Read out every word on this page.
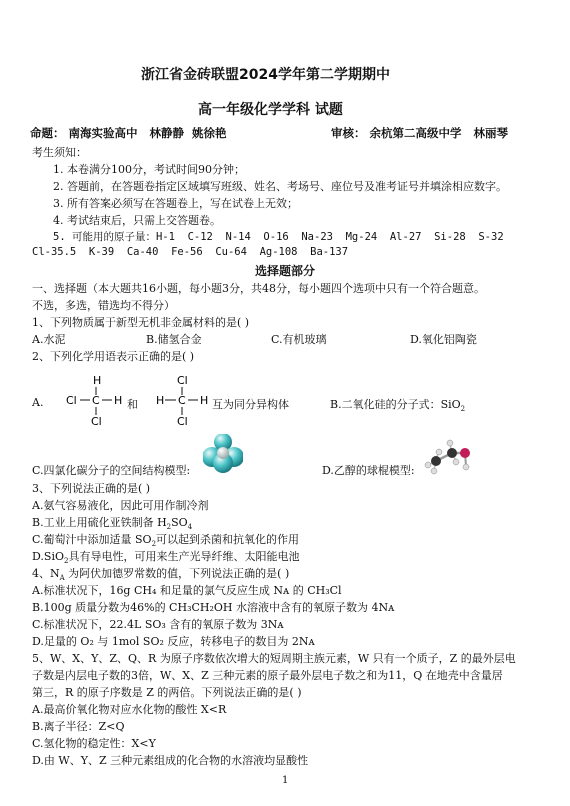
浙江省金砖联盟2024学年第二学期期中
高一年级化学学科 试题
命题： 南海实验高中   林静静  姚徐艳	审核： 余杭第二高级中学   林丽琴
考生须知：
1. 本卷满分100分，考试时间90分钟；
2. 答题前，在答题卷指定区域填写班级、姓名、考场号、座位号及准考证号并填涂相应数字。
3. 所有答案必须写在答题卷上，写在试卷上无效；
4. 考试结束后，只需上交答题卷。
5. 可能用的原子量：H-1  C-12  N-14  O-16  Na-23  Mg-24  Al-27  Si-28  S-32
Cl-35.5  K-39  Ca-40  Fe-56  Cu-64  Ag-108  Ba-137
选择题部分
一、选择题（本大题共16小题，每小题3分，共48分，每小题四个选项中只有一个符合题意。
不选，多选，错选均不得分）
1、下列物质属于新型无机非金属材料的是( )
A.水泥	B.储氢合金	C.有机玻璃	D.氧化铝陶瓷
2、下列化学用语表示正确的是( )
A.
H
Cl C H
Cl
和
Cl
H C H
Cl
互为同分异构体	B.二氧化硅的分子式：SiO$_2$
C.四氯化碳分子的空间结构模型:	D.乙醇的球棍模型:
3、下列说法正确的是( )
A.氨气容易液化，因此可用作制冷剂
B.工业上用硫化亚铁制备 $H_2SO_4$
C.葡萄汁中添加适量 $SO_2$可以起到杀菌和抗氧化的作用
D.SiO$_2$具有导电性，可用来生产光导纤维、太阳能电池
4、$N_A$ 为阿伏加德罗常数的值，下列说法正确的是( )
A.标准状况下，16g CH₄ 和足量的氯气反应生成 Nᴀ 的 CH₃Cl
B.100g 质量分数为46%的 CH₃CH₂OH 水溶液中含有的氧原子数为 4Nᴀ
C.标准状况下，22.4L SO₃ 含有的氧原子数为 3Nᴀ
D.足量的 O₂ 与 1mol SO₂ 反应，转移电子的数目为 2Nᴀ
5、W、X、Y、Z、Q、R 为原子序数依次增大的短周期主族元素，W 只有一个质子，Z 的最外层电
子数是内层电子数的3倍，W、X、Z 三种元素的原子最外层电子数之和为11，Q 在地壳中含量居
第三，R 的原子序数是 Z 的两倍。下列说法正确的是( )
A.最高价氧化物对应水化物的酸性 X<R
B.离子半径：Z<Q
C.氢化物的稳定性：X<Y
D.由 W、Y、Z 三种元素组成的化合物的水溶液均显酸性
1
